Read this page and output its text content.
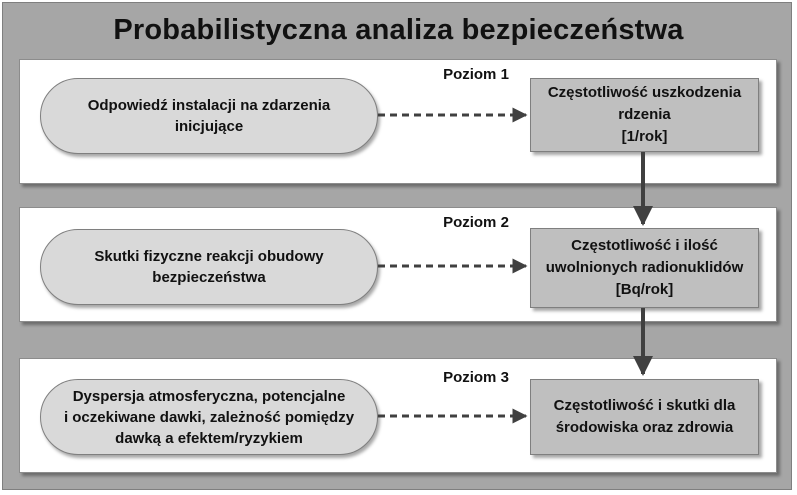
Probabilistyczna analiza bezpieczeństwa
Poziom 1
Odpowiedź instalacji na zdarzenia
inicjujące
Częstotliwość uszkodzenia
rdzenia
[1/rok]
Poziom 2
Skutki fizyczne reakcji obudowy
bezpieczeństwa
Częstotliwość i ilość
uwolnionych radionuklidów
[Bq/rok]
Poziom 3
Dyspersja atmosferyczna, potencjalne
i oczekiwane dawki, zależność pomiędzy
dawką a efektem/ryzykiem
Częstotliwość i skutki dla
środowiska oraz zdrowia
